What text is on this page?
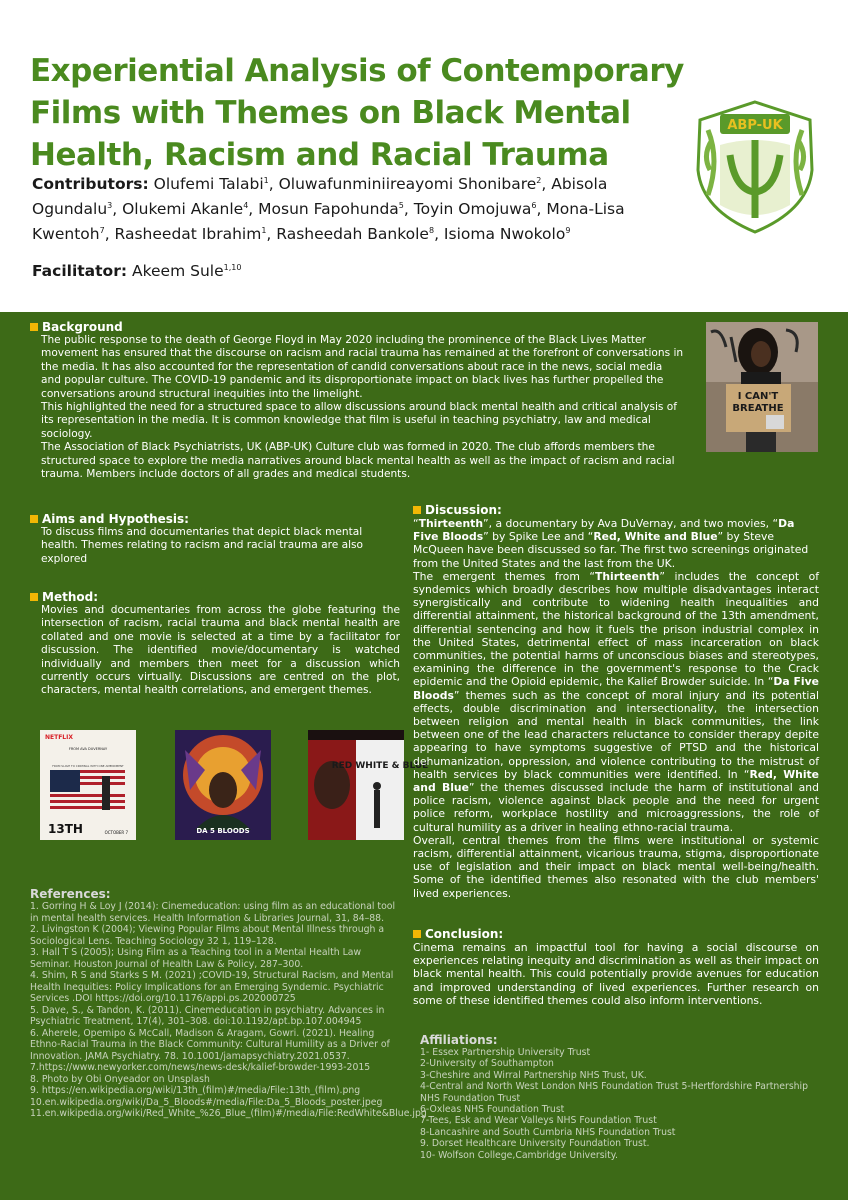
Experiential Analysis of Contemporary Films with Themes on Black Mental Health, Racism and Racial Trauma
Contributors: Olufemi Talabi$^1$, Oluwafunminiireayomi Shonibare$^2$, Abisola Ogundalu$^3$, Olukemi Akanle$^4$, Mosun Fapohunda$^5$, Toyin Omojuwa$^6$, Mona-Lisa Kwentoh$^7$, Rasheedat Ibrahim$^1$, Rasheedah Bankole$^8$, Isioma Nwokolo$^9$
Facilitator: Akeem Sule$^{1,10}$
ABP-UK
Background

The public response to the death of George Floyd in May 2020 including the prominence of the Black Lives Matter movement has ensured that the discourse on racism and racial trauma has remained at the forefront of conversations in the media. It has also accounted for the representation of candid conversations about race in the news, social media and popular culture. The COVID-19 pandemic and its disproportionate impact on black lives has further propelled the conversations around structural inequities into the limelight.

This highlighted the need for a structured space to allow discussions around black mental health and critical analysis of its representation in the media. It is common knowledge that film is useful in teaching psychiatry, law and medical sociology.

The Association of Black Psychiatrists, UK (ABP-UK) Culture club was formed in 2020. The club affords members the structured space to explore the media narratives around black mental health as well as the impact of racism and racial trauma. Members include doctors of all grades and medical students.

I CAN'T
BREATHE
Aims and Hypothesis:

To discuss films and documentaries that depict black mental health. Themes relating to racism and racial trauma are also explored

Method:

Movies and documentaries from across the globe featuring the intersection of racism, racial trauma and black mental health are collated and one movie is selected at a time by a facilitator for discussion. The identified movie/documentary is watched individually and members then meet for a discussion which currently occurs virtually. Discussions are centred on the plot, characters, mental health correlations, and emergent themes.

NETFLIX
FROM AVA DUVERNAY
FROM SLAVE TO CRIMINAL WITH ONE AMENDMENT
13TH	OCTOBER 7	DA 5 BLOODS
RED WHITE & BLUE
References:

1. Gorring H & Loy J (2014): Cinemeducation: using film as an educational tool in mental health services. Health Information & Libraries Journal, 31, 84–88.

2. Livingston K (2004); Viewing Popular Films about Mental Illness through a Sociological Lens. Teaching Sociology 32 1, 119–128.

3. Hall T S (2005); Using Film as a Teaching tool in a Mental Health Law Seminar. Houston Journal of Health Law & Policy, 287–300.

4. Shim, R S and Starks S M. (2021) ;COVID-19, Structural Racism, and Mental Health Inequities: Policy Implications for an Emerging Syndemic. Psychiatric Services .DOI https://doi.org/10.1176/appi.ps.202000725

5. Dave, S., & Tandon, K. (2011). Cinemeducation in psychiatry. Advances in Psychiatric Treatment, 17(4), 301–308. doi:10.1192/apt.bp.107.004945

6. Aherele, Opemipo & McCall, Madison & Aragam, Gowri. (2021). Healing Ethno-Racial Trauma in the Black Community: Cultural Humility as a Driver of Innovation. JAMA Psychiatry. 78. 10.1001/jamapsychiatry.2021.0537.

7.https://www.newyorker.com/news/news-desk/kalief-browder-1993-2015

8. Photo by Obi Onyeador on Unsplash

9. https://en.wikipedia.org/wiki/13th_(film)#/media/File:13th_(film).png

10.en.wikipedia.org/wiki/Da_5_Bloods#/media/File:Da_5_Bloods_poster.jpeg

11.en.wikipedia.org/wiki/Red_White_%26_Blue_(film)#/media/File:RedWhite&Blue.jpg

Discussion:

“Thirteenth”, a documentary by Ava DuVernay, and two movies, “Da Five Bloods” by Spike Lee and “Red, White and Blue” by Steve McQueen have been discussed so far. The first two screenings originated from the United States and the last from the UK.

The emergent themes from “Thirteenth” includes the concept of syndemics which broadly describes how multiple disadvantages interact synergistically and contribute to widening health inequalities and differential attainment, the historical background of the 13th amendment, differential sentencing and how it fuels the prison industrial complex in the United States, detrimental effect of mass incarceration on black communities, the potential harms of unconscious biases and stereotypes, examining the difference in the government's response to the Crack epidemic and the Opioid epidemic, the Kalief Browder suicide. In “Da Five Bloods” themes such as the concept of moral injury and its potential effects, double discrimination and intersectionality, the intersection between religion and mental health in black communities, the link between one of the lead characters reluctance to consider therapy depite appearing to have symptoms suggestive of PTSD and the historical dehumanization, oppression, and violence contributing to the mistrust of health services by black communities were identified. In “Red, White and Blue” the themes discussed include the harm of institutional and police racism, violence against black people and the need for urgent police reform, workplace hostility and microaggressions, the role of cultural humility as a driver in healing ethno-racial trauma.

Overall, central themes from the films were institutional or systemic racism, differential attainment, vicarious trauma, stigma, disproportionate use of legislation and their impact on black mental well-being/health. Some of the identified themes also resonated with the club members' lived experiences.

Conclusion:

Cinema remains an impactful tool for having a social discourse on experiences relating inequity and discrimination as well as their impact on black mental health. This could potentially provide avenues for education and improved understanding of lived experiences. Further research on some of these identified themes could also inform interventions.

Affiliations:

1- Essex Partnership University Trust

2-University of Southampton

3-Cheshire and Wirral Partnership NHS Trust, UK.

4-Central and North West London NHS Foundation Trust 5-Hertfordshire Partnership NHS Foundation Trust

6-Oxleas NHS Foundation Trust

7-Tees, Esk and Wear Valleys NHS Foundation Trust

8-Lancashire and South Cumbria NHS Foundation Trust

9. Dorset Healthcare University Foundation Trust.

10- Wolfson College,Cambridge University.
